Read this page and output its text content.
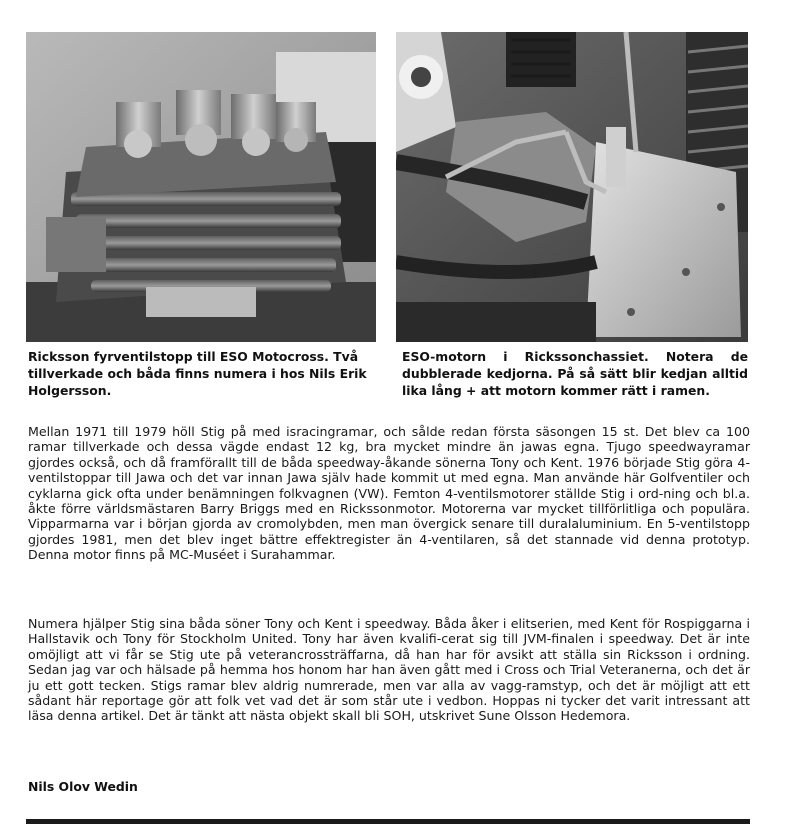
Ricksson fyrventilstopp till ESO Motocross. Två tillverkade och båda finns numera i hos Nils Erik Holgersson.
ESO-motorn i Rickssonchassiet. Notera de dubblerade kedjorna. På så sätt blir kedjan alltid lika lång + att motorn kommer rätt i ramen.

Mellan 1971 till 1979 höll Stig på med isracingramar, och sålde redan första säsongen 15 st. Det blev ca 100 ramar tillverkade och dessa vägde endast 12 kg, bra mycket mindre än jawas egna. Tjugo speedwayramar gjordes också, och då framförallt till de båda speedway-åkande sönerna Tony och Kent. 1976 började Stig göra 4-ventilstoppar till Jawa och det var innan Jawa själv hade kommit ut med egna. Man använde här Golfventiler och cyklarna gick ofta under benämningen folkvagnen (VW). Femton 4-ventilsmotorer ställde Stig i ord-ning och bl.a. åkte förre världsmästaren Barry Briggs med en Rickssonmotor. Motorerna var mycket tillförlitliga och populära. Vipparmarna var i början gjorda av cromolybden, men man övergick senare till duralaluminium. En 5-ventilstopp gjordes 1981, men det blev inget bättre effektregister än 4-ventilaren, så det stannade vid denna prototyp. Denna motor finns på MC-Muséet i Surahammar.

Numera hjälper Stig sina båda söner Tony och Kent i speedway. Båda åker i elitserien, med Kent för Rospiggarna i Hallstavik och Tony för Stockholm United. Tony har även kvalifi-cerat sig till JVM-finalen i speedway. Det är inte omöjligt att vi får se Stig ute på veterancrossträffarna, då han har för avsikt att ställa sin Ricksson i ordning. Sedan jag var och hälsade på hemma hos honom har han även gått med i Cross och Trial Veteranerna, och det är ju ett gott tecken. Stigs ramar blev aldrig numrerade, men var alla av vagg-ramstyp, och det är möjligt att ett sådant här reportage gör att folk vet vad det är som står ute i vedbon. Hoppas ni tycker det varit intressant att läsa denna artikel. Det är tänkt att nästa objekt skall bli SOH, utskrivet Sune Olsson Hedemora.

Nils Olov Wedin
